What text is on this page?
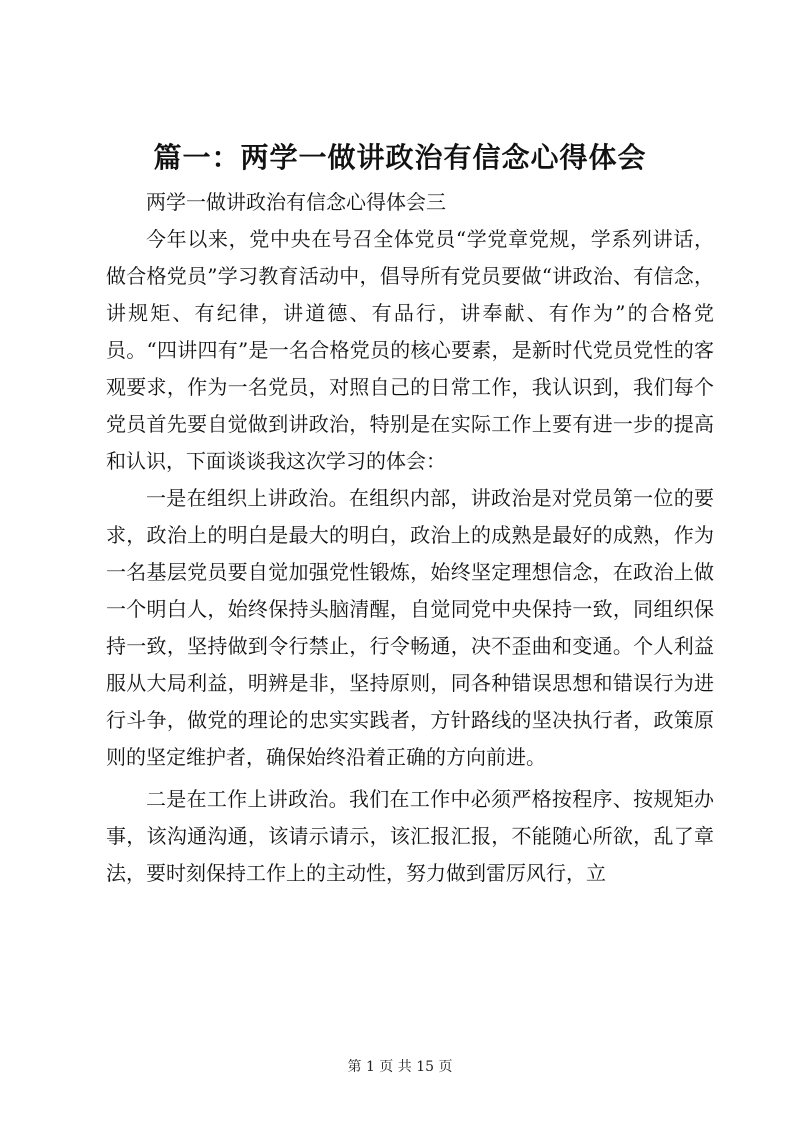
篇一：两学一做讲政治有信念心得体会

两学一做讲政治有信念心得体会三

今年以来，党中央在号召全体党员“学党章党规，学系列讲话，做合格党员”学习教育活动中，倡导所有党员要做“讲政治、有信念，讲规矩、有纪律，讲道德、有品行，讲奉献、有作为”的合格党员。“四讲四有”是一名合格党员的核心要素，是新时代党员党性的客观要求，作为一名党员，对照自己的日常工作，我认识到，我们每个党员首先要自觉做到讲政治，特别是在实际工作上要有进一步的提高和认识，下面谈谈我这次学习的体会：

一是在组织上讲政治。在组织内部，讲政治是对党员第一位的要求，政治上的明白是最大的明白，政治上的成熟是最好的成熟，作为一名基层党员要自觉加强党性锻炼，始终坚定理想信念，在政治上做一个明白人，始终保持头脑清醒，自觉同党中央保持一致，同组织保持一致，坚持做到令行禁止，行令畅通，决不歪曲和变通。个人利益服从大局利益，明辨是非，坚持原则，同各种错误思想和错误行为进行斗争，做党的理论的忠实实践者，方针路线的坚决执行者，政策原则的坚定维护者，确保始终沿着正确的方向前进。

二是在工作上讲政治。我们在工作中必须严格按程序、按规矩办事，该沟通沟通，该请示请示，该汇报汇报，不能随心所欲，乱了章法，要时刻保持工作上的主动性，努力做到雷厉风行，立

第 1 页 共 15 页
